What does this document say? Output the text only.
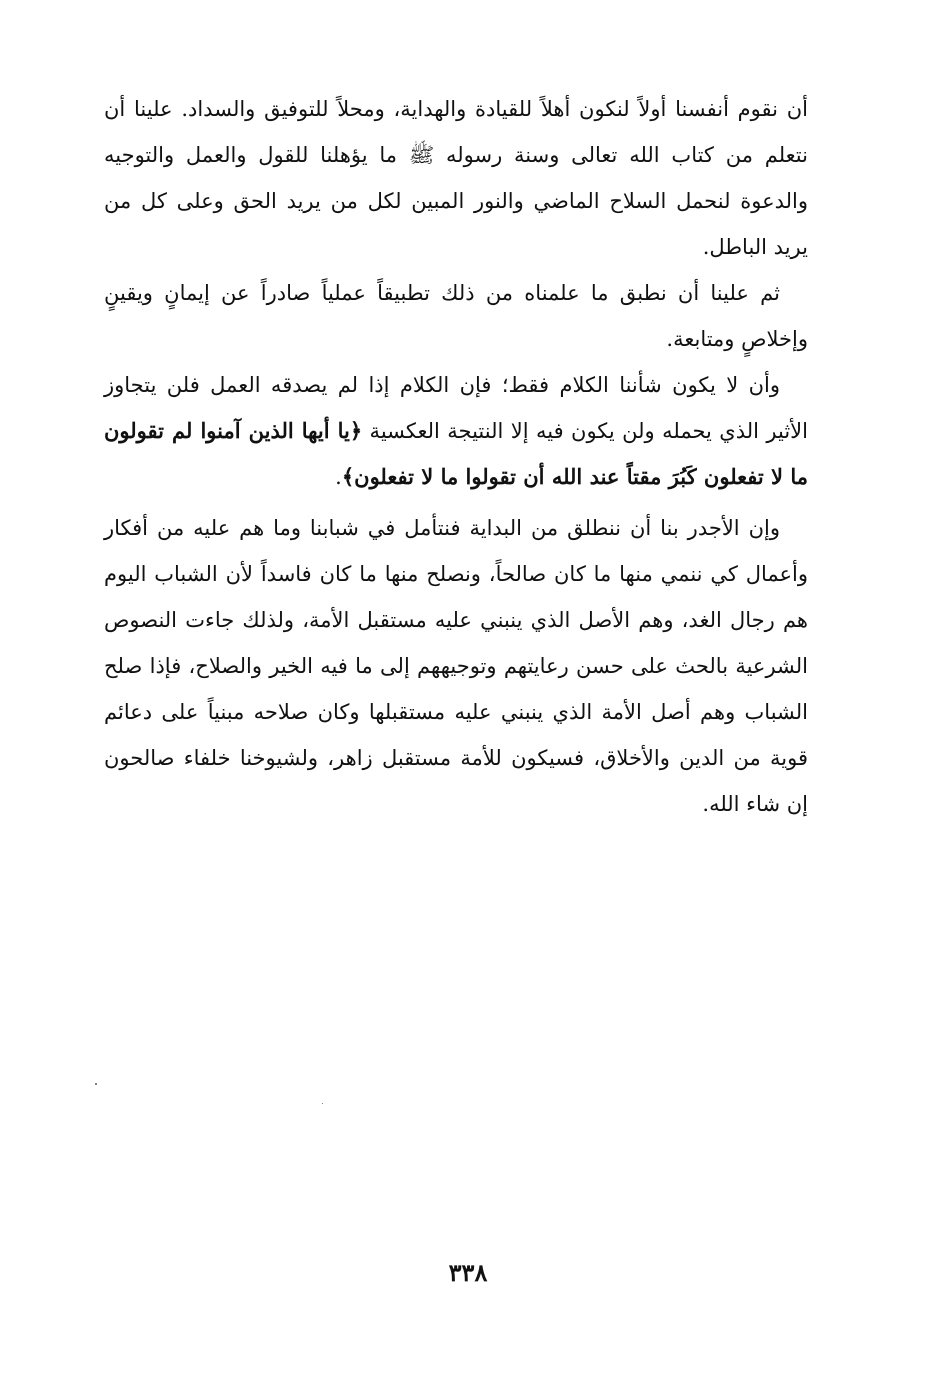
أن نقوم أنفسنا أولاً لنكون أهلاً للقيادة والهداية، ومحلاً للتوفيق والسداد. علينا أن نتعلم من كتاب الله تعالى وسنة رسوله ﷺ ما يؤهلنا للقول والعمل والتوجيه والدعوة لنحمل السلاح الماضي والنور المبين لكل من يريد الحق وعلى كل من يريد الباطل.

ثم علينا أن نطبق ما علمناه من ذلك تطبيقاً عملياً صادراً عن إيمانٍ ويقينٍ وإخلاصٍ ومتابعة.

وأن لا يكون شأننا الكلام فقط؛ فإن الكلام إذا لم يصدقه العمل فلن يتجاوز الأثير الذي يحمله ولن يكون فيه إلا النتيجة العكسية ﴿يا أيها الذين آمنوا لم تقولون ما لا تفعلون كَبُرَ مقتاً عند الله أن تقولوا ما لا تفعلون﴾.

وإن الأجدر بنا أن ننطلق من البداية فنتأمل في شبابنا وما هم عليه من أفكار وأعمال كي ننمي منها ما كان صالحاً، ونصلح منها ما كان فاسداً لأن الشباب اليوم هم رجال الغد، وهم الأصل الذي ينبني عليه مستقبل الأمة، ولذلك جاءت النصوص الشرعية بالحث على حسن رعايتهم وتوجيههم إلى ما فيه الخير والصلاح، فإذا صلح الشباب وهم أصل الأمة الذي ينبني عليه مستقبلها وكان صلاحه مبنياً على دعائم قوية من الدين والأخلاق، فسيكون للأمة مستقبل زاهر، ولشيوخنا خلفاء صالحون إن شاء الله.

٣٣٨
